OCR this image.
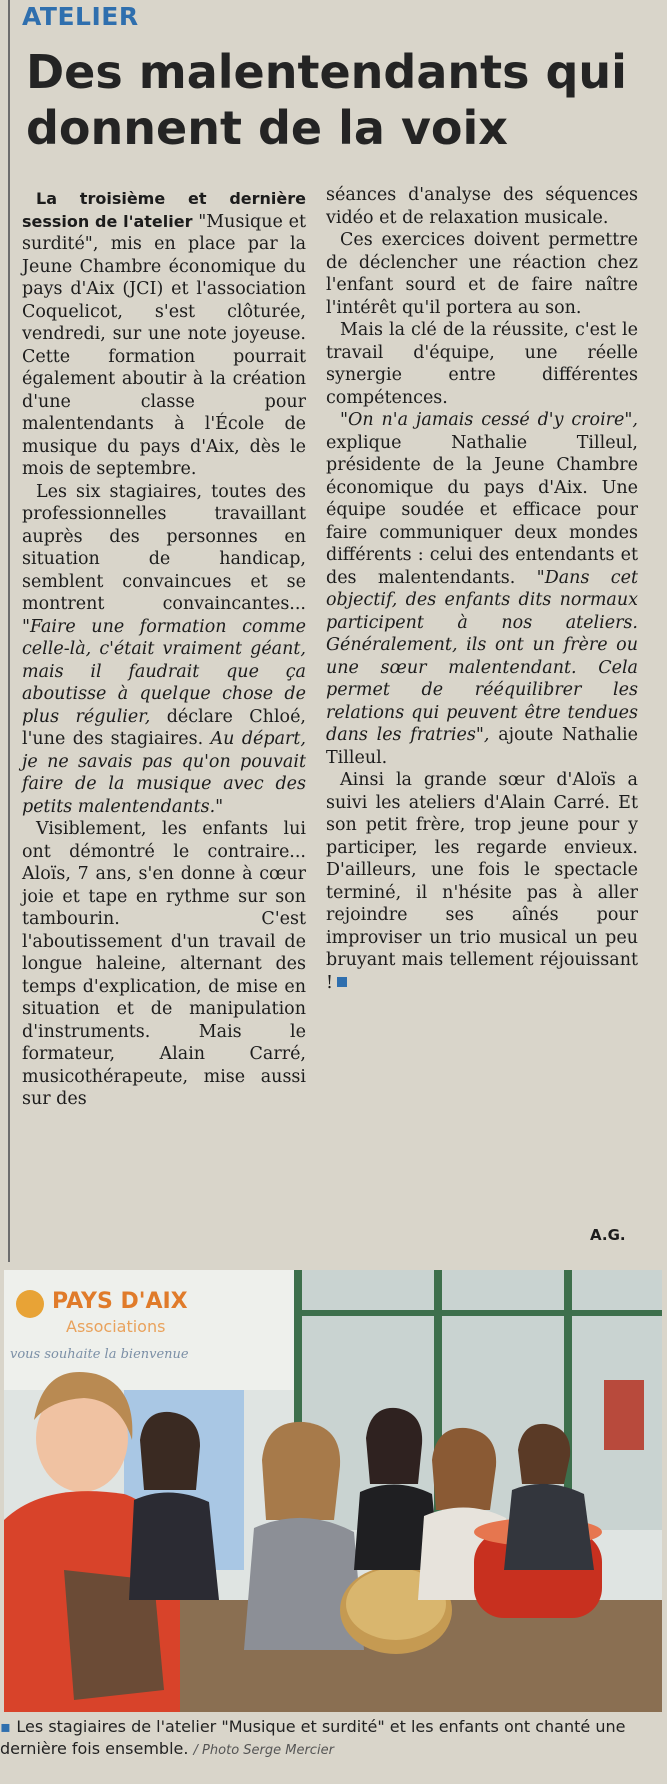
ATELIER
Des malentendants qui donnent de la voix

La troisième et dernière session de l'atelier "Musique et surdité", mis en place par la Jeune Chambre économique du pays d'Aix (JCI) et l'association Coquelicot, s'est clôturée, vendredi, sur une note joyeuse. Cette formation pourrait également aboutir à la création d'une classe pour malentendants à l'École de musique du pays d'Aix, dès le mois de septembre.

Les six stagiaires, toutes des professionnelles travaillant auprès des personnes en situation de handicap, semblent convaincues et se montrent convaincantes... "Faire une formation comme celle-là, c'était vraiment géant, mais il faudrait que ça aboutisse à quelque chose de plus régulier, déclare Chloé, l'une des stagiaires. Au départ, je ne savais pas qu'on pouvait faire de la musique avec des petits malentendants."

Visiblement, les enfants lui ont démontré le contraire... Aloïs, 7 ans, s'en donne à cœur joie et tape en rythme sur son tambourin. C'est l'aboutissement d'un travail de longue haleine, alternant des temps d'explication, de mise en situation et de manipulation d'instruments. Mais le formateur, Alain Carré, musicothérapeute, mise aussi sur des

séances d'analyse des séquences vidéo et de relaxation musicale.

Ces exercices doivent permettre de déclencher une réaction chez l'enfant sourd et de faire naître l'intérêt qu'il portera au son.

Mais la clé de la réussite, c'est le travail d'équipe, une réelle synergie entre différentes compétences.

"On n'a jamais cessé d'y croire", explique Nathalie Tilleul, présidente de la Jeune Chambre économique du pays d'Aix. Une équipe soudée et efficace pour faire communiquer deux mondes différents : celui des entendants et des malentendants. "Dans cet objectif, des enfants dits normaux participent à nos ateliers. Généralement, ils ont un frère ou une sœur malentendant. Cela permet de rééquilibrer les relations qui peuvent être tendues dans les fratries", ajoute Nathalie Tilleul.

Ainsi la grande sœur d'Aloïs a suivi les ateliers d'Alain Carré. Et son petit frère, trop jeune pour y participer, les regarde envieux. D'ailleurs, une fois le spectacle terminé, il n'hésite pas à aller rejoindre ses aînés pour improviser un trio musical un peu bruyant mais tellement réjouissant !

A.G.
PAYS D'AIX
Associations
vous souhaite la bienvenue
▪ Les stagiaires de l'atelier "Musique et surdité" et les enfants ont chanté une dernière fois ensemble. / Photo Serge Mercier
